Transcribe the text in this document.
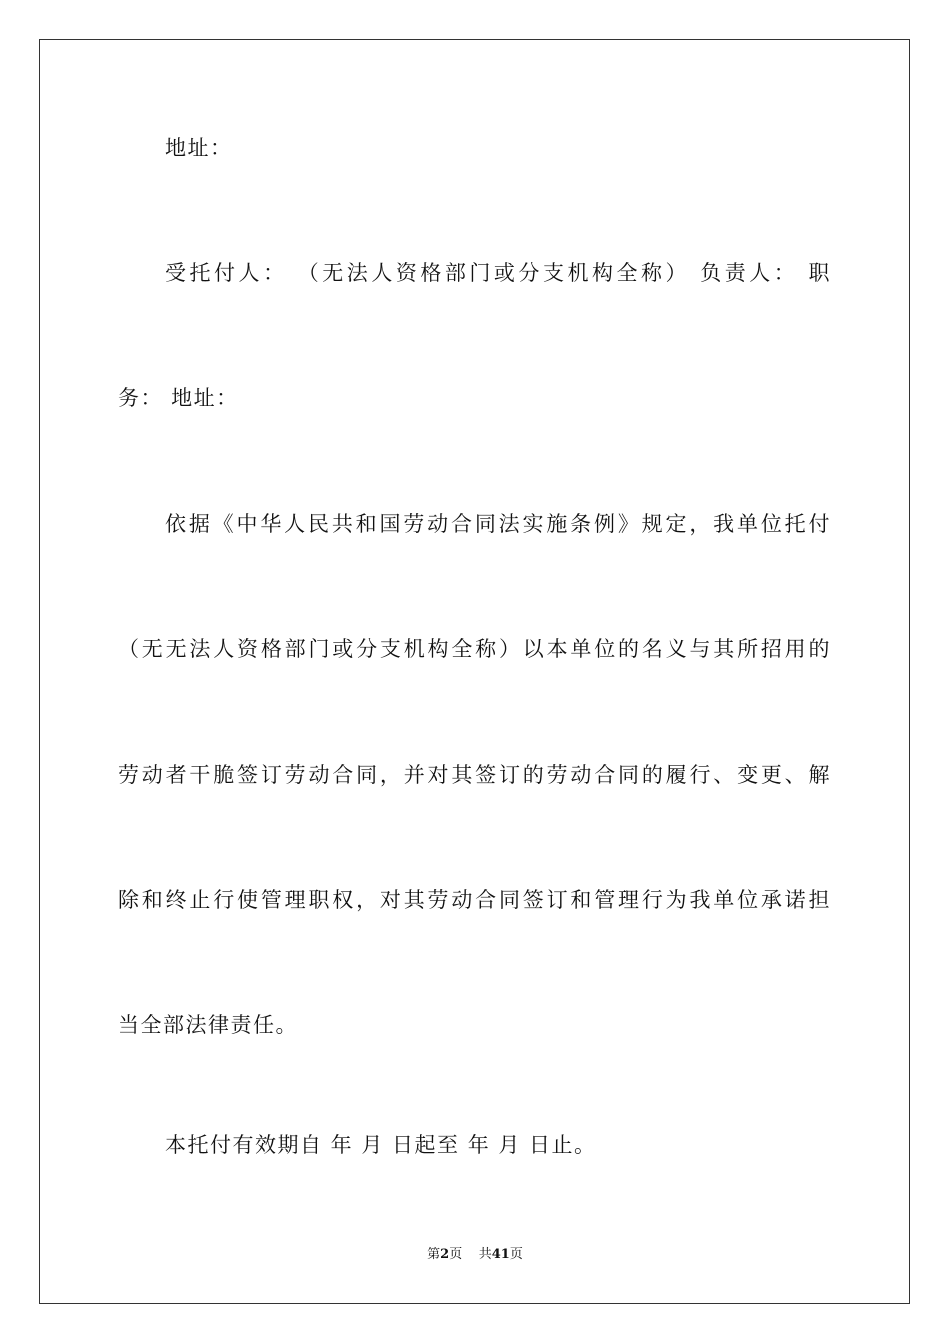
地址：
受托付人： （无法人资格部门或分支机构全称） 负责人： 职
务： 地址：
依据《中华人民共和国劳动合同法实施条例》规定，我单位托付
（无无法人资格部门或分支机构全称）以本单位的名义与其所招用的
劳动者干脆签订劳动合同，并对其签订的劳动合同的履行、变更、解
除和终止行使管理职权，对其劳动合同签订和管理行为我单位承诺担
当全部法律责任。
本托付有效期自 年 月 日起至 年 月 日止。
第2页 共41页
